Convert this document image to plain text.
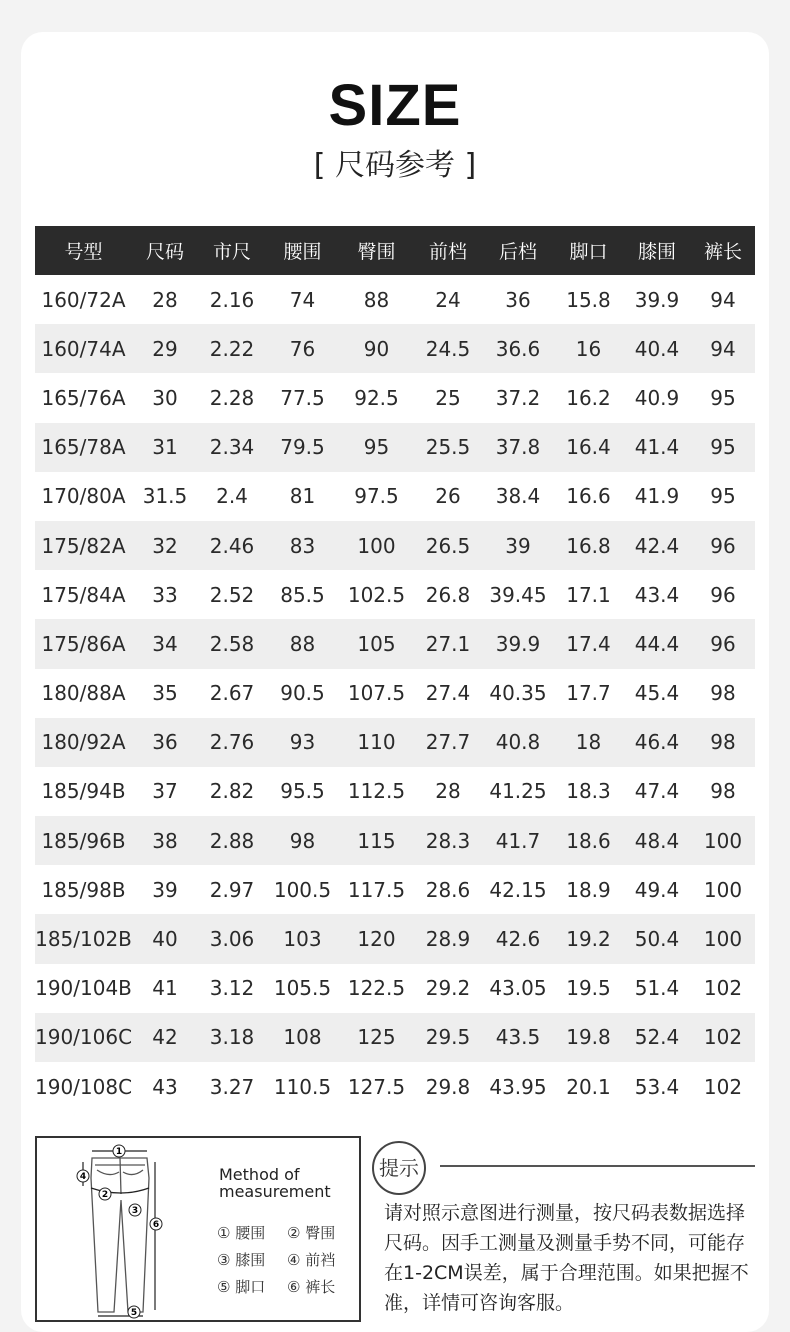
SIZE
[ 尺码参考 ]
号型	尺码	市尺	腰围	臀围	前档	后档	脚口	膝围	裤长
160/72A	28	2.16	74	88	24	36	15.8	39.9	94
160/74A	29	2.22	76	90	24.5	36.6	16	40.4	94
165/76A	30	2.28	77.5	92.5	25	37.2	16.2	40.9	95
165/78A	31	2.34	79.5	95	25.5	37.8	16.4	41.4	95
170/80A	31.5	2.4	81	97.5	26	38.4	16.6	41.9	95
175/82A	32	2.46	83	100	26.5	39	16.8	42.4	96
175/84A	33	2.52	85.5	102.5	26.8	39.45	17.1	43.4	96
175/86A	34	2.58	88	105	27.1	39.9	17.4	44.4	96
180/88A	35	2.67	90.5	107.5	27.4	40.35	17.7	45.4	98
180/92A	36	2.76	93	110	27.7	40.8	18	46.4	98
185/94B	37	2.82	95.5	112.5	28	41.25	18.3	47.4	98
185/96B	38	2.88	98	115	28.3	41.7	18.6	48.4	100
185/98B	39	2.97	100.5	117.5	28.6	42.15	18.9	49.4	100
185/102B	40	3.06	103	120	28.9	42.6	19.2	50.4	100
190/104B	41	3.12	105.5	122.5	29.2	43.05	19.5	51.4	102
190/106C	42	3.18	108	125	29.5	43.5	19.8	52.4	102
190/108C	43	3.27	110.5	127.5	29.8	43.95	20.1	53.4	102
1
2
3
4
5
6
Method of
measurement
① 腰围	② 臀围
③ 膝围	④ 前裆
⑤ 脚口	⑥ 裤长
提示
请对照示意图进行测量，按尺码表数据选择尺码。因手工测量及测量手势不同，可能存在1-2CM误差，属于合理范围。如果把握不准，详情可咨询客服。
